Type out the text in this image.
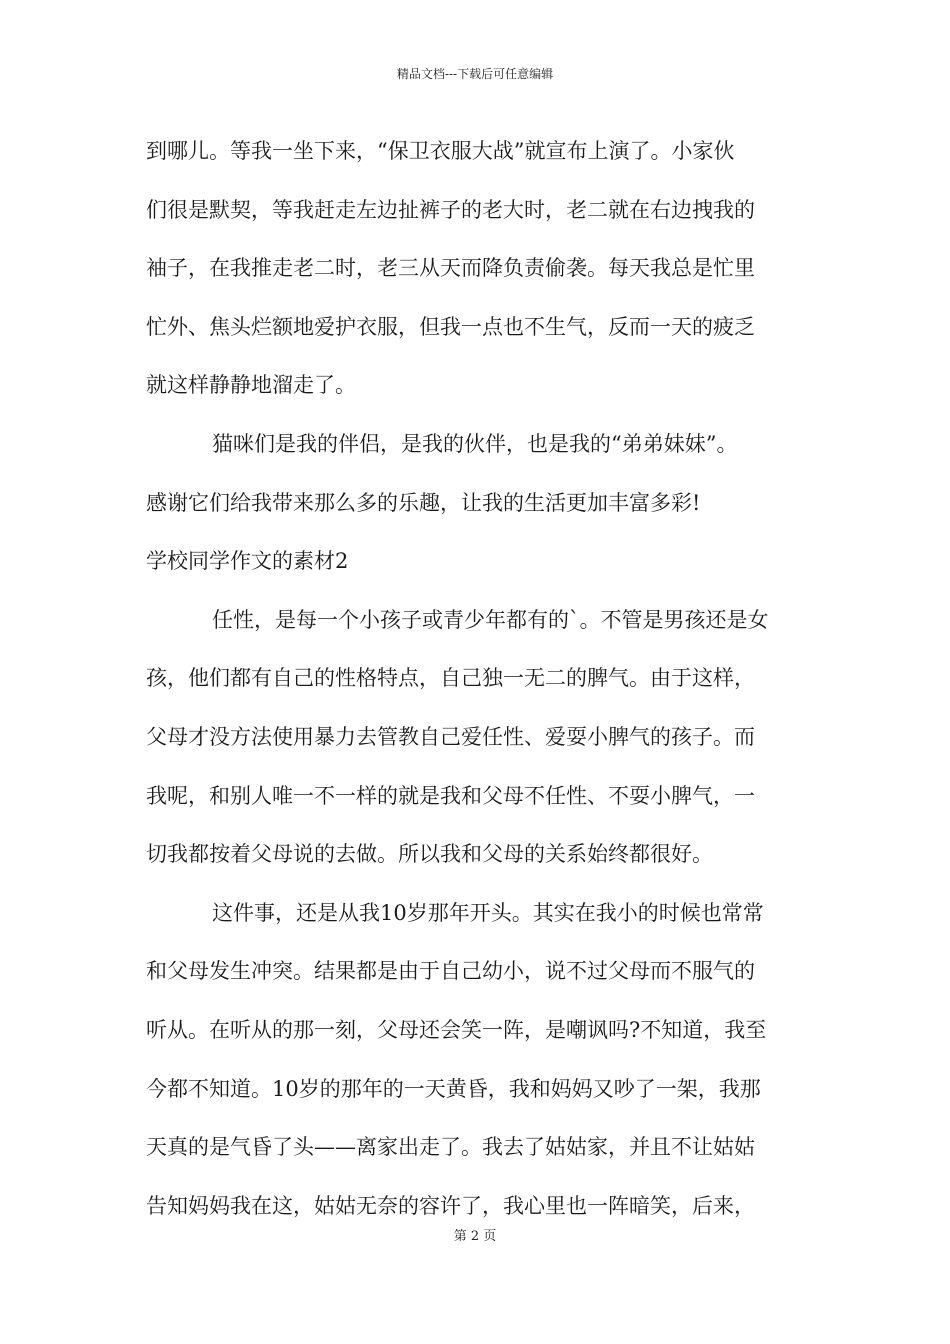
精品文档---下载后可任意编辑
到哪儿。等我一坐下来，“保卫衣服大战”就宣布上演了。小家伙
们很是默契，等我赶走左边扯裤子的老大时，老二就在右边拽我的
袖子，在我推走老二时，老三从天而降负责偷袭。每天我总是忙里
忙外、焦头烂额地爱护衣服，但我一点也不生气，反而一天的疲乏
就这样静静地溜走了。
猫咪们是我的伴侣，是我的伙伴，也是我的“弟弟妹妹”。
感谢它们给我带来那么多的乐趣，让我的生活更加丰富多彩!
学校同学作文的素材2
任性，是每一个小孩子或青少年都有的`。不管是男孩还是女
孩，他们都有自己的性格特点，自己独一无二的脾气。由于这样，
父母才没方法使用暴力去管教自己爱任性、爱耍小脾气的孩子。而
我呢，和别人唯一不一样的就是我和父母不任性、不耍小脾气，一
切我都按着父母说的去做。所以我和父母的关系始终都很好。
这件事，还是从我10岁那年开头。其实在我小的时候也常常
和父母发生冲突。结果都是由于自己幼小，说不过父母而不服气的
听从。在听从的那一刻，父母还会笑一阵，是嘲讽吗?不知道，我至
今都不知道。10岁的那年的一天黄昏，我和妈妈又吵了一架，我那
天真的是气昏了头——离家出走了。我去了姑姑家，并且不让姑姑
告知妈妈我在这，姑姑无奈的容许了，我心里也一阵暗笑，后来，
第 2 页
